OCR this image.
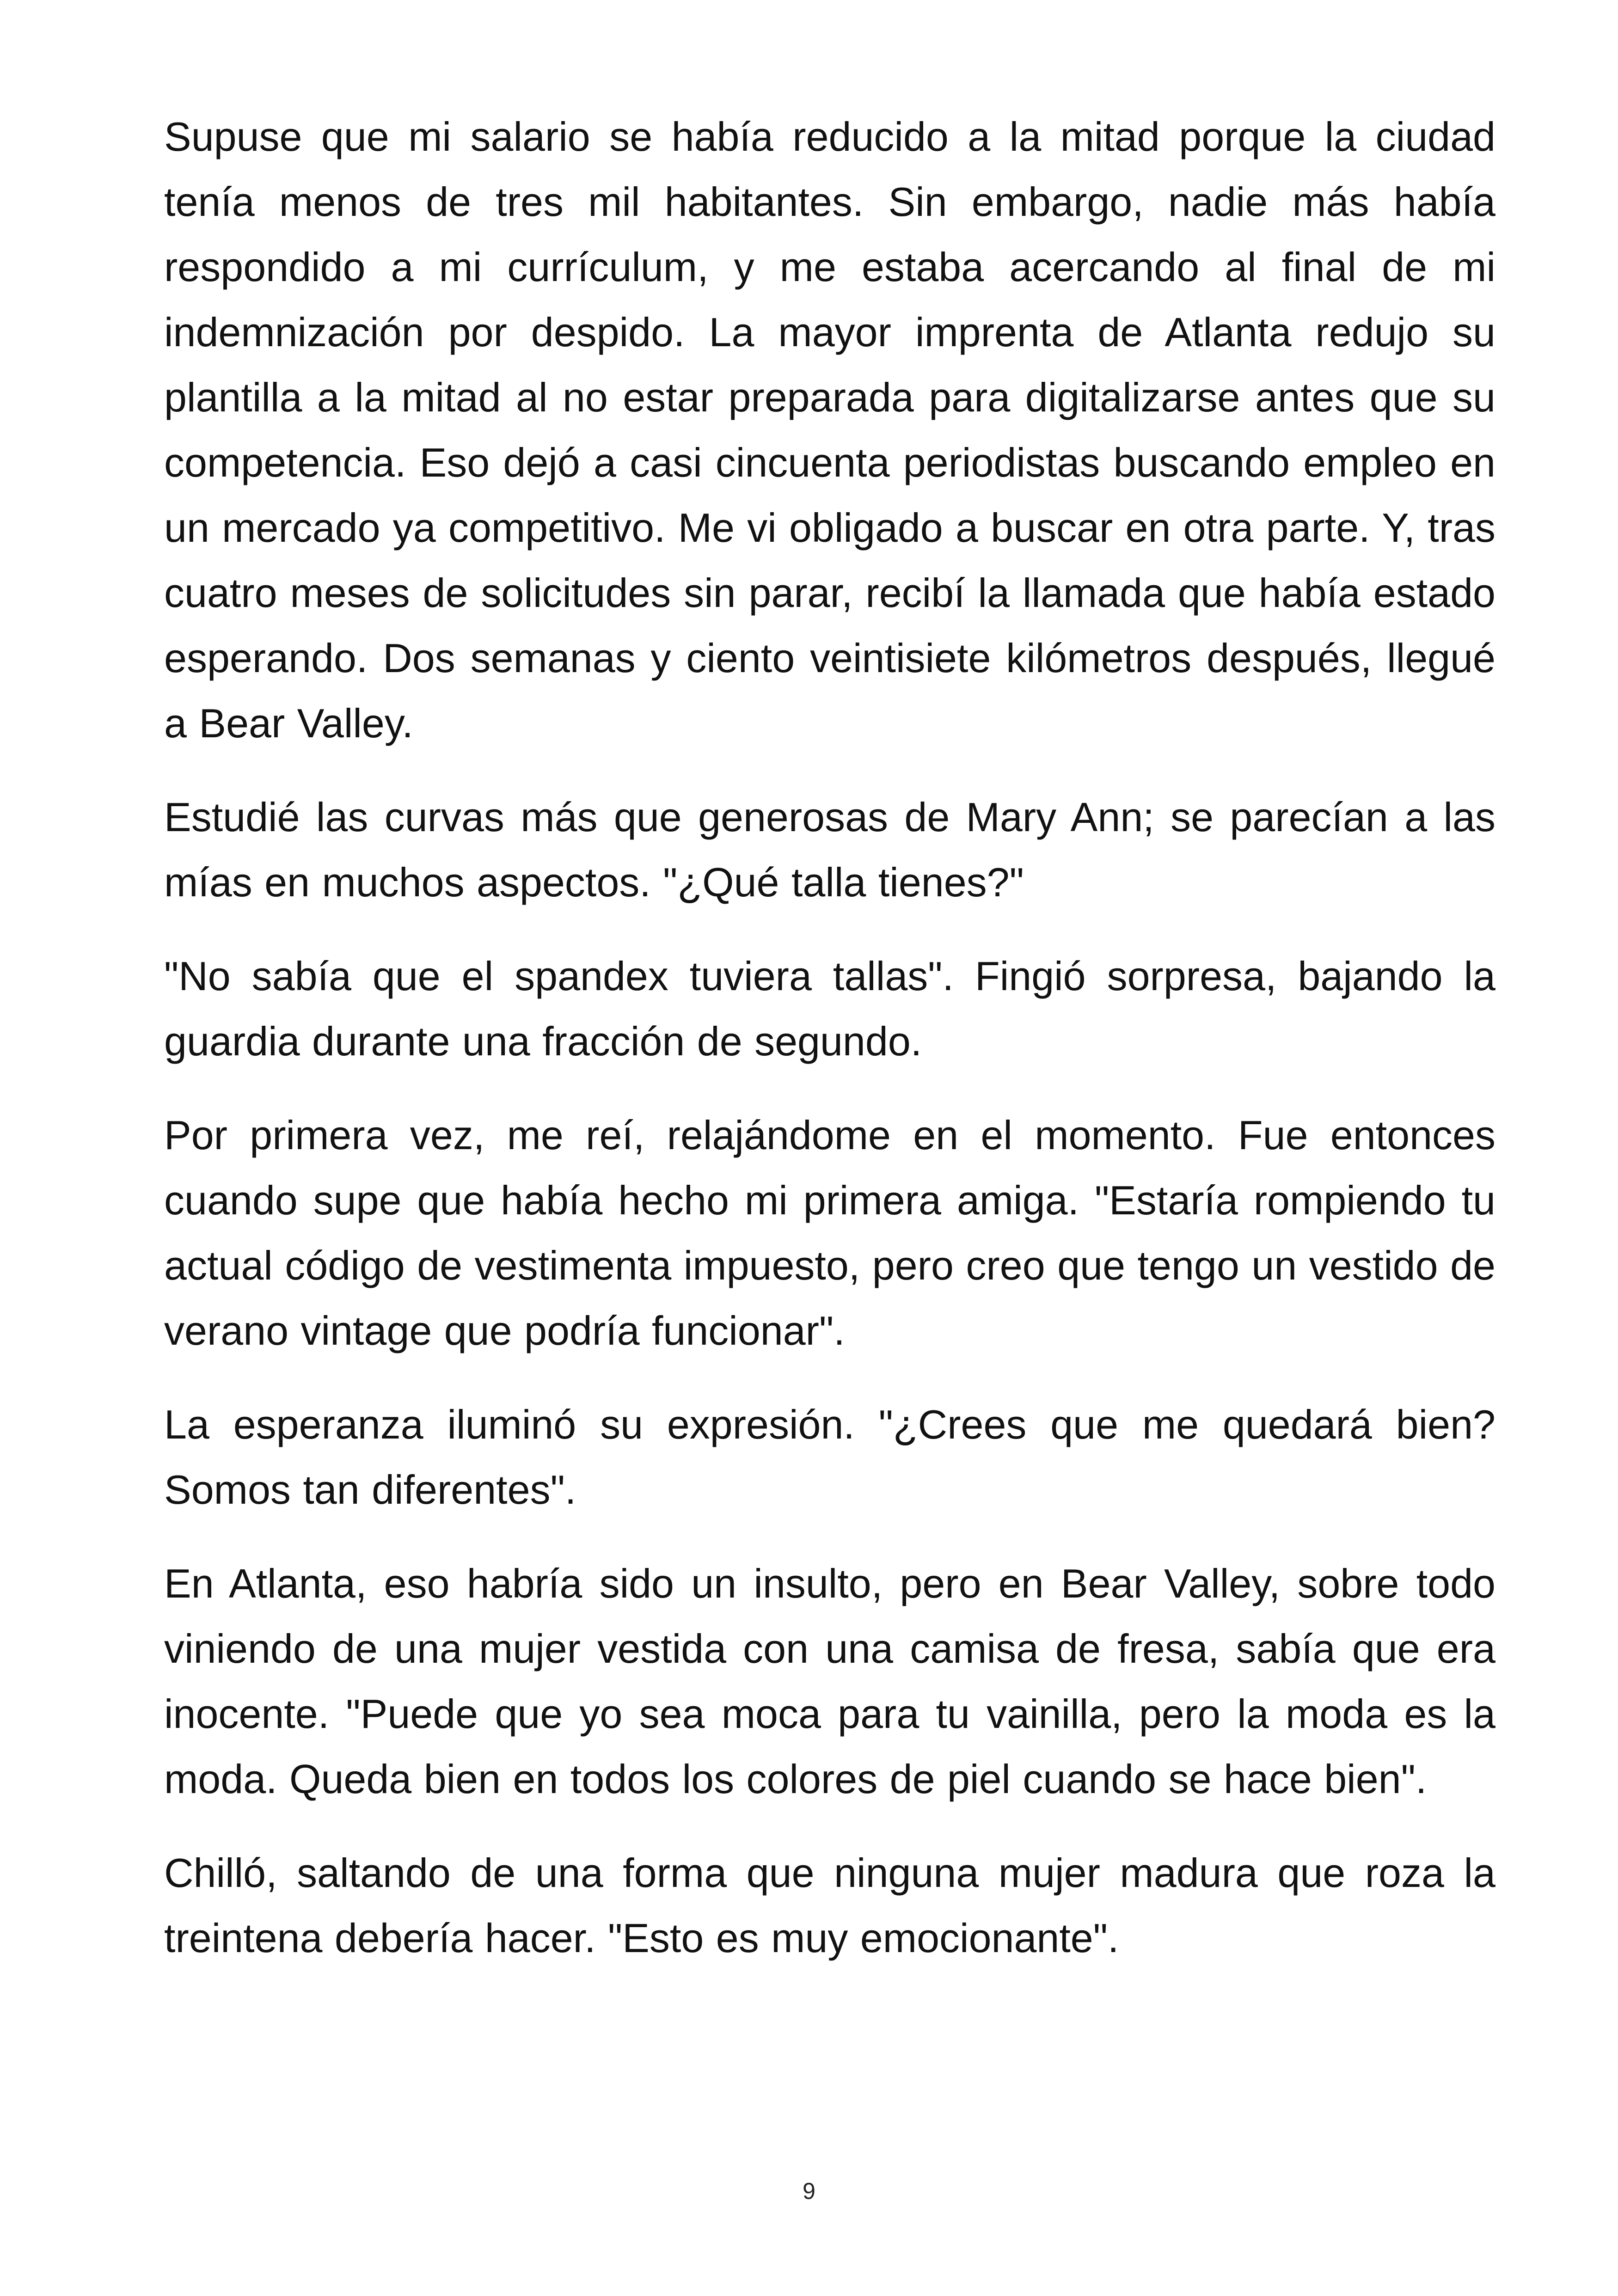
Supuse que mi salario se había reducido a la mitad porque la ciudad tenía menos de tres mil habitantes. Sin embargo, nadie más había respondido a mi currículum, y me estaba acercando al final de mi indemnización por despido. La mayor imprenta de Atlanta redujo su plantilla a la mitad al no estar preparada para digitalizarse antes que su competencia. Eso dejó a casi cincuenta periodistas buscando empleo en un mercado ya competitivo. Me vi obligado a buscar en otra parte. Y, tras cuatro meses de solicitudes sin parar, recibí la llamada que había estado esperando. Dos semanas y ciento veintisiete kilómetros después, llegué a Bear Valley.

Estudié las curvas más que generosas de Mary Ann; se parecían a las mías en muchos aspectos. "¿Qué talla tienes?"

"No sabía que el spandex tuviera tallas". Fingió sorpresa, bajando la guardia durante una fracción de segundo.

Por primera vez, me reí, relajándome en el momento. Fue entonces cuando supe que había hecho mi primera amiga. "Estaría rompiendo tu actual código de vestimenta impuesto, pero creo que tengo un vestido de verano vintage que podría funcionar".

La esperanza iluminó su expresión. "¿Crees que me quedará bien? Somos tan diferentes".

En Atlanta, eso habría sido un insulto, pero en Bear Valley, sobre todo viniendo de una mujer vestida con una camisa de fresa, sabía que era inocente. "Puede que yo sea moca para tu vainilla, pero la moda es la moda. Queda bien en todos los colores de piel cuando se hace bien".

Chilló, saltando de una forma que ninguna mujer madura que roza la treintena debería hacer. "Esto es muy emocionante".

9
